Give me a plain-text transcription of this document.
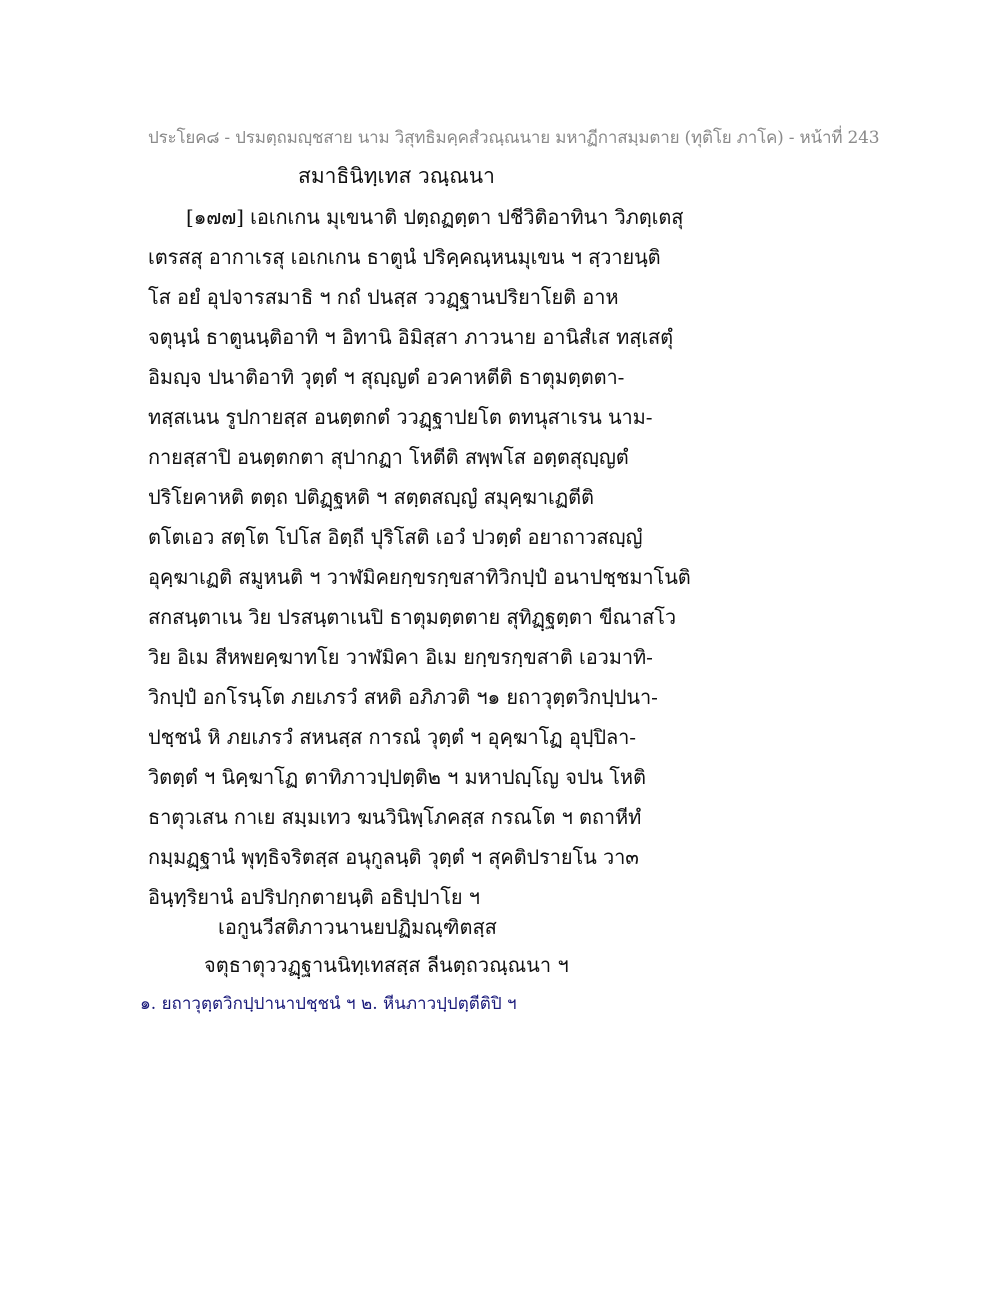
ประโยค๘ - ปรมตฺถมญฺชสาย นาม วิสุทธิมคฺคสํวณฺณนาย มหาฏีกาสมฺมตาย (ทุติโย ภาโค) - หน้าที่ 243
สมาธินิทฺเทส วณฺณนา
[๑๗๗] เอเกเกน มุเขนาติ ปตฺถฏตฺตา ปชีวิติอาทินา วิภตฺเตสุ
เตรสสุ อากาเรสุ เอเกเกน ธาตูนํ ปริคฺคณฺหนมุเขน ฯ สฺวายนฺติ
โส อยํ อุปจารสมาธิ ฯ กถํ ปนสฺส ววฏฺฐานปริยาโยติ อาห
จตุนฺนํ ธาตูนนฺติอาทิ ฯ อิทานิ อิมิสฺสา ภาวนาย อานิสํเส ทสฺเสตุํ
อิมญฺจ ปนาติอาทิ วุตฺตํ ฯ สุญฺญตํ อวคาหตีติ ธาตุมตฺตตา-
ทสฺสเนน รูปกายสฺส อนตฺตกตํ ววฏฺฐาปยโต ตทนุสาเรน นาม-
กายสฺสาปิ อนตฺตกตา สุปากฏา โหตีติ สพฺพโส อตฺตสุญฺญตํ
ปริโยคาหติ ตตฺถ ปติฏฺฐหติ ฯ สตฺตสญฺญํ สมุคฺฆาเฏตีติ
ตโตเอว สตฺโต โปโส อิตฺถี ปุริโสติ เอวํ ปวตฺตํ อยาถาวสญฺญํ
อุคฺฆาเฏติ สมูหนติ ฯ วาฬมิคยกฺขรกฺขสาทิวิกปฺปํ อนาปชฺชมาโนติ
สกสนฺตาเน วิย ปรสนฺตาเนปิ ธาตุมตฺตตาย สุทิฏฺฐตฺตา ขีณาสโว
วิย อิเม สีหพยคฺฆาทโย วาฬมิคา อิเม ยกฺขรกฺขสาติ เอวมาทิ-
วิกปฺปํ อกโรนฺโต ภยเภรวํ สหติ อภิภวติ ฯ๑ ยถาวุตฺตวิกปฺปนา-
ปชฺชนํ หิ ภยเภรวํ สหนสฺส การณํ วุตฺตํ ฯ อุคฺฆาโฏ อุปฺปิลา-
วิตตฺตํ ฯ นิคฺฆาโฏ ตาทิภาวปฺปตฺติ๒ ฯ มหาปญฺโญ จปน โหติ
ธาตุวเสน กาเย สมฺมเทว ฆนวินิพฺโภคสฺส กรณโต ฯ ตถาหีทํ
กมฺมฏฺฐานํ พุทฺธิจริตสฺส อนุกูลนฺติ วุตฺตํ ฯ สุคติปรายโน วา๓
อินฺทฺริยานํ อปริปกฺกตายนฺติ อธิปฺปาโย ฯ
เอกูนวีสติภาวนานยปฏิมณฺฑิตสฺส
จตุธาตุววฏฺฐานนิทฺเทสสฺส ลีนตฺถวณฺณนา ฯ
๑. ยถาวุตฺตวิกปฺปานาปชฺชนํ ฯ ๒. หีนภาวปฺปตฺตีติปิ ฯ
